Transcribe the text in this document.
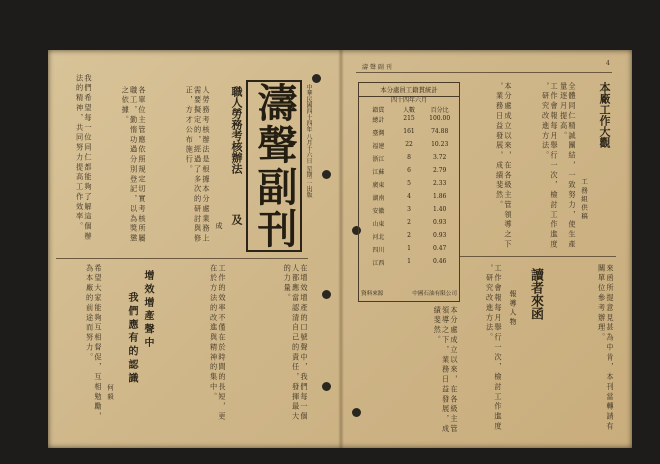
濤聲副刊 中華民國四十四年 八月十六日 星期二 出版
職人勞務考核辦法
及
成
人 勞 務 考 核 辦 法 是 根 據 本 分 處 業 務 上 需 要 擬 定 的 ， 經 過 了 多 次 的 研 討 與 修 正 ， 方 才 公 布 施 行 。
各 單 位 主 管 應 依 照 規 定 切 實 考 核 所 屬 職 工 ， 勤 惰 功 過 分 別 登 記 ， 以 為 獎 懲 之 依 據 。
我 們 希 望 每 一 位 同 仁 都 能 夠 了 解 這 個 辦 法 的 精 神 ， 共 同 努 力 提 高 工 作 效 率 。
增 效 增 產 聲 中
我 們 應 有 的 認 識
何 毅	在 增 效 增 產 的 口 號 聲 中 ， 我 們 每 一 個 人 都 應 當 認 清 自 己 的 責 任 ， 發 揮 最 大 的 力 量 。
工 作 的 效 率 不 僅 在 於 時 間 的 長 短 ， 更 在 於 方 法 的 改 進 與 精 神 的 集 中 。
希 望 大 家 能 夠 互 相 督 促 ， 互 相 勉 勵 ， 為 本 廠 的 前 途 而 努 力 。
濤 聲 副 刊
4
本分處員工籍貫統計
四十四年六月
籍貫	人數	百分比
總計	215	100.00
臺灣	161	74.88
福建	22	10.23
浙江	8	3.72
江蘇	6	2.79
廣東	5	2.33
湖南	4	1.86
安徽	3	1.40
山東	2	0.93
河北	2	0.93
四川	1	0.47
江西	1	0.46
資料來源	中國石油有限公司
本 分 處 成 立 以 來 ， 在 各 級 主 管 領 導 之 下 ， 業 務 日 益 發 展 ， 成 績 斐 然 。	工 作 會 報 每 月 舉 行 一 次 ， 檢 討 工 作 進 度 ， 研 究 改 進 方 法 。	本廠工作大觀
工 務 組 供 稿
全 體 同 仁 精 誠 團 結 ， 一 致 努 力 ， 使 生 產 量 逐 月 提 高 。
讀者來函
報 導 人 物	來 函 所 提 意 見 甚 為 中 肯 ， 本 刊 當 轉 請 有 關 單 位 參 考 辦 理 。
工 作 會 報 每 月 舉 行 一 次 ， 檢 討 工 作 進 度 ， 研 究 改 進 方 法 。
本 分 處 成 立 以 來 ， 在 各 級 主 管 領 導 之 下 ， 業 務 日 益 發 展 ， 成 績 斐 然 。
